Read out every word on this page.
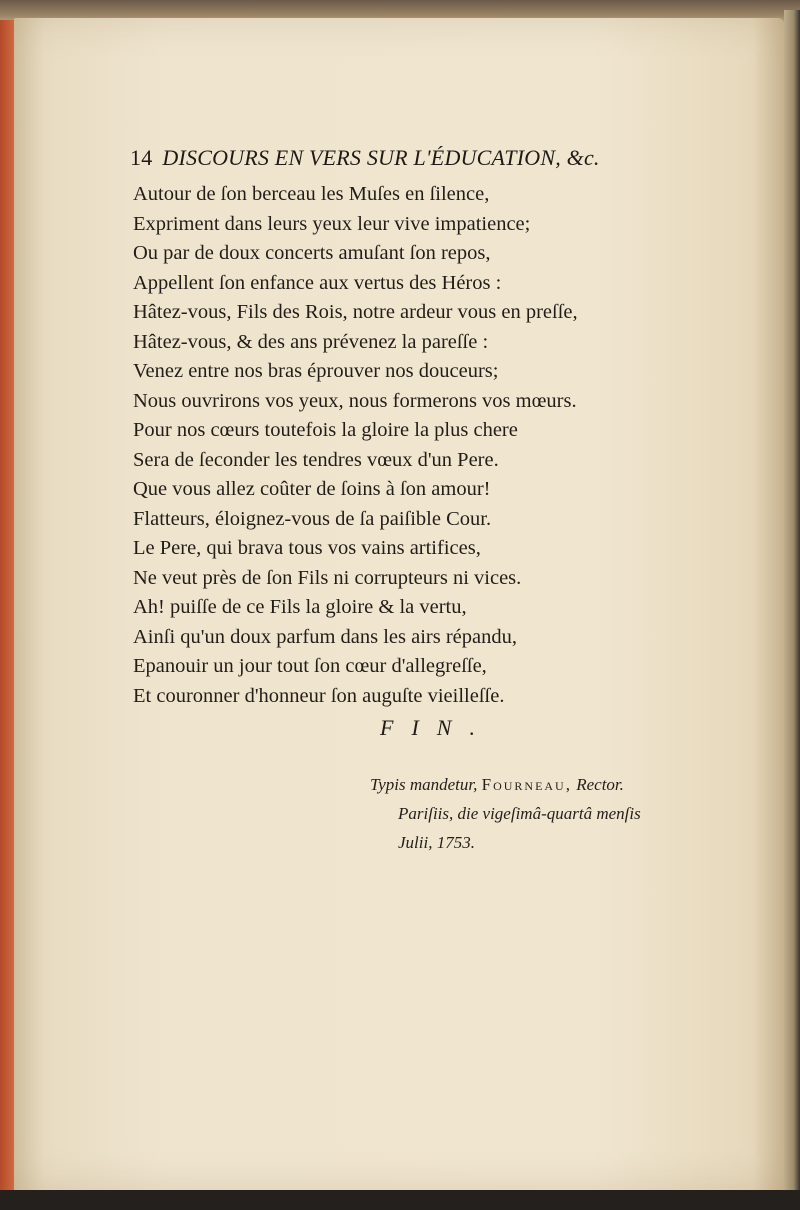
14 DISCOURS EN VERS SUR L'ÉDUCATION, &c.
Autour de ſon berceau les Muſes en ſilence,
Expriment dans leurs yeux leur vive impatience;
Ou par de doux concerts amuſant ſon repos,
Appellent ſon enfance aux vertus des Héros :
Hâtez-vous, Fils des Rois, notre ardeur vous en preſſe,
Hâtez-vous, & des ans prévenez la pareſſe :
Venez entre nos bras éprouver nos douceurs;
Nous ouvrirons vos yeux, nous formerons vos mœurs.
Pour nos cœurs toutefois la gloire la plus chere
Sera de ſeconder les tendres vœux d'un Pere.
Que vous allez coûter de ſoins à ſon amour!
Flatteurs, éloignez-vous de ſa paiſible Cour.
Le Pere, qui brava tous vos vains artifices,
Ne veut près de ſon Fils ni corrupteurs ni vices.
Ah! puiſſe de ce Fils la gloire & la vertu,
Ainſi qu'un doux parfum dans les airs répandu,
Epanouir un jour tout ſon cœur d'allegreſſe,
Et couronner d'honneur ſon auguſte vieilleſſe.
FIN.
Typis mandetur, Fourneau, Rector.
Pariſiis, die vigeſimâ-quartâ menſis
Julii, 1753.
